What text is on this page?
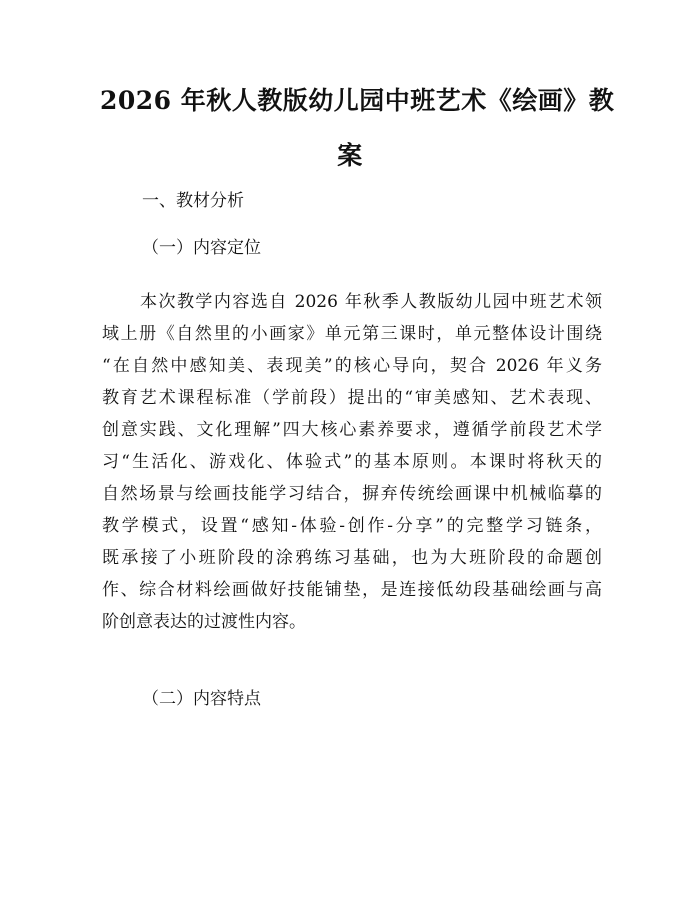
2026 年秋人教版幼儿园中班艺术《绘画》教
案

一、教材分析

（一）内容定位

本次教学内容选自 2026 年秋季人教版幼儿园中班艺术领
域上册《自然里的小画家》单元第三课时，单元整体设计围绕
“在自然中感知美、表现美”的核心导向，契合 2026 年义务
教育艺术课程标准（学前段）提出的“审美感知、艺术表现、
创意实践、文化理解”四大核心素养要求，遵循学前段艺术学
习“生活化、游戏化、体验式”的基本原则。本课时将秋天的
自然场景与绘画技能学习结合，摒弃传统绘画课中机械临摹的
教学模式，设置“感知-体验-创作-分享”的完整学习链条，
既承接了小班阶段的涂鸦练习基础，也为大班阶段的命题创
作、综合材料绘画做好技能铺垫，是连接低幼段基础绘画与高
阶创意表达的过渡性内容。

（二）内容特点
